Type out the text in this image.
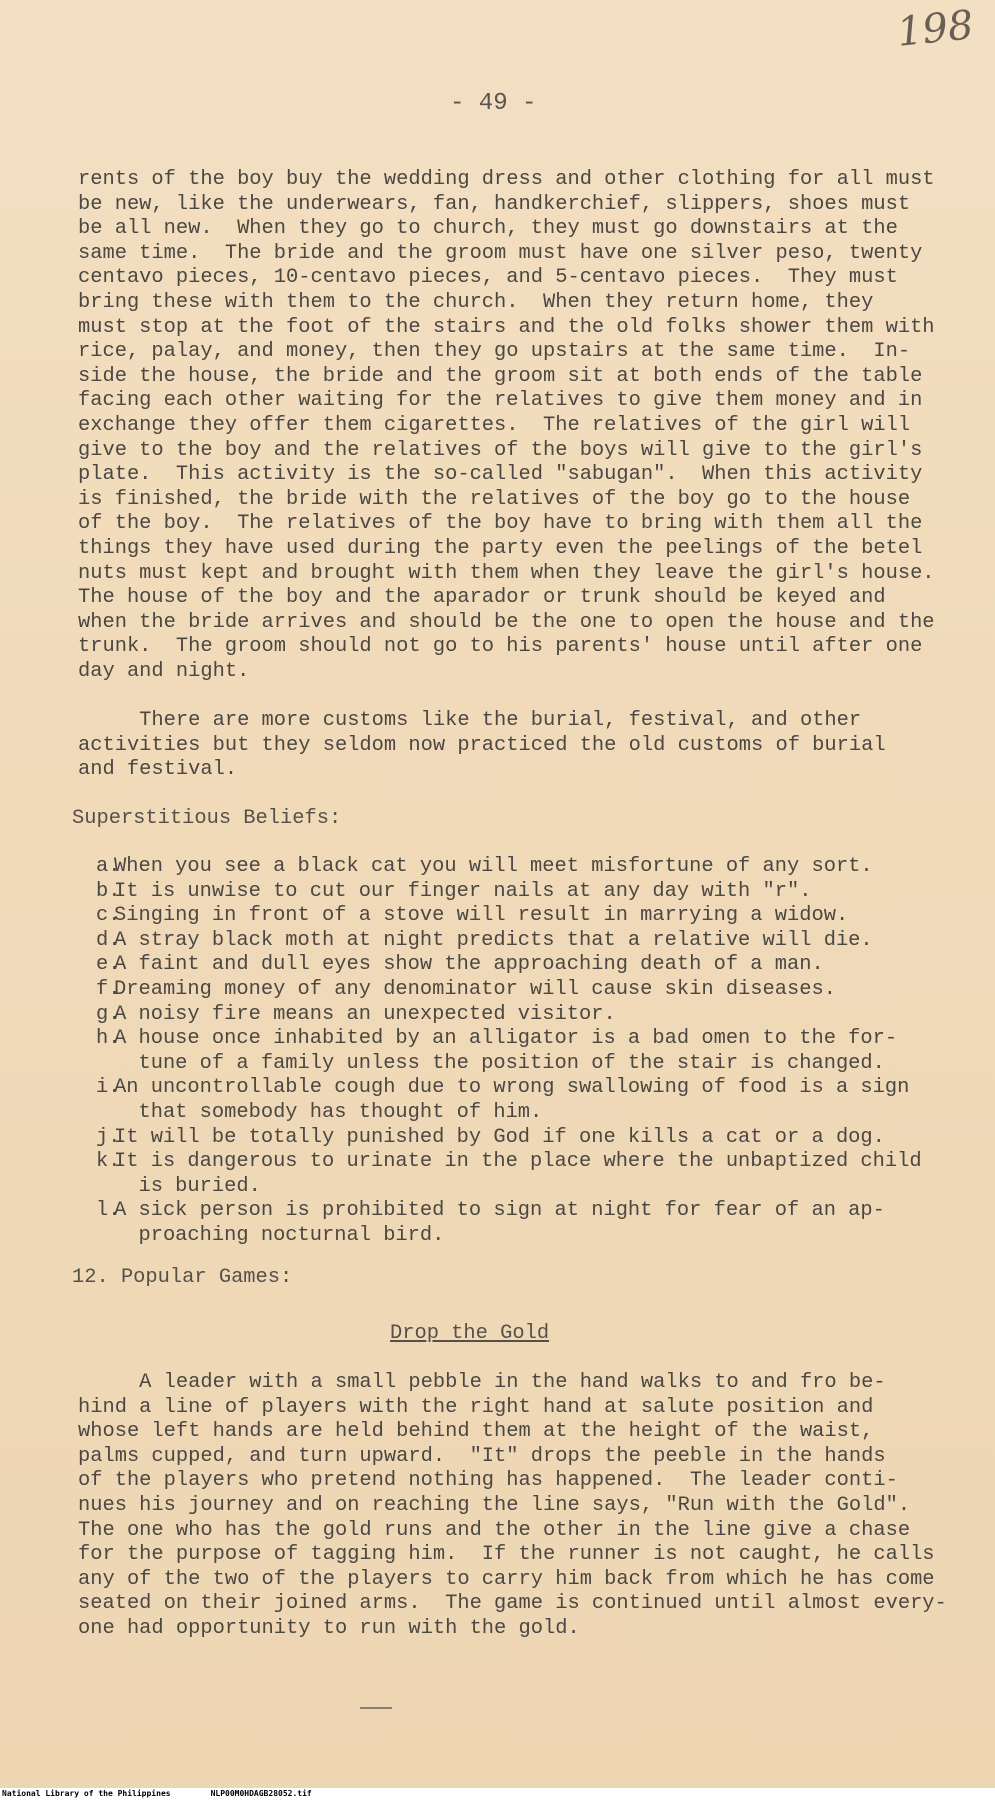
198
- 49 -

rents of the boy buy the wedding dress and other clothing for all must
be new, like the underwears, fan, handkerchief, slippers, shoes must
be all new.  When they go to church, they must go downstairs at the
same time.  The bride and the groom must have one silver peso, twenty
centavo pieces, 10-centavo pieces, and 5-centavo pieces.  They must
bring these with them to the church.  When they return home, they
must stop at the foot of the stairs and the old folks shower them with
rice, palay, and money, then they go upstairs at the same time.  In-
side the house, the bride and the groom sit at both ends of the table
facing each other waiting for the relatives to give them money and in
exchange they offer them cigarettes.  The relatives of the girl will
give to the boy and the relatives of the boys will give to the girl's
plate.  This activity is the so-called "sabugan".  When this activity
is finished, the bride with the relatives of the boy go to the house
of the boy.  The relatives of the boy have to bring with them all the
things they have used during the party even the peelings of the betel
nuts must kept and brought with them when they leave the girl's house.
The house of the boy and the aparador or trunk should be keyed and
when the bride arrives and should be the one to open the house and the
trunk.  The groom should not go to his parents' house until after one
day and night.

There are more customs like the burial, festival, and other
activities but they seldom now practiced the old customs of burial
and festival.

Superstitious Beliefs:
a.
When you see a black cat you will meet misfortune of any sort.
b.
It is unwise to cut our finger nails at any day with "r".
c.
Singing in front of a stove will result in marrying a widow.
d.
A stray black moth at night predicts that a relative will die.
e.
A faint and dull eyes show the approaching death of a man.
f.
Dreaming money of any denominator will cause skin diseases.
g.
A noisy fire means an unexpected visitor.
h.
A house once inhabited by an alligator is a bad omen to the for-
tune of a family unless the position of the stair is changed.
i.
An uncontrollable cough due to wrong swallowing of food is a sign
that somebody has thought of him.
j.
It will be totally punished by God if one kills a cat or a dog.
k.
It is dangerous to urinate in the place where the unbaptized child
is buried.
l.
A sick person is prohibited to sign at night for fear of an ap-
proaching nocturnal bird.
12. Popular Games:
Drop the Gold

A leader with a small pebble in the hand walks to and fro be-
hind a line of players with the right hand at salute position and
whose left hands are held behind them at the height of the waist,
palms cupped, and turn upward.  "It" drops the peeble in the hands
of the players who pretend nothing has happened.  The leader conti-
nues his journey and on reaching the line says, "Run with the Gold".
The one who has the gold runs and the other in the line give a chase
for the purpose of tagging him.  If the runner is not caught, he calls
any of the two of the players to carry him back from which he has come
seated on their joined arms.  The game is continued until almost every-
one had opportunity to run with the gold.

National Library of the Philippines	NLP00M0HDAGB28052.tif
